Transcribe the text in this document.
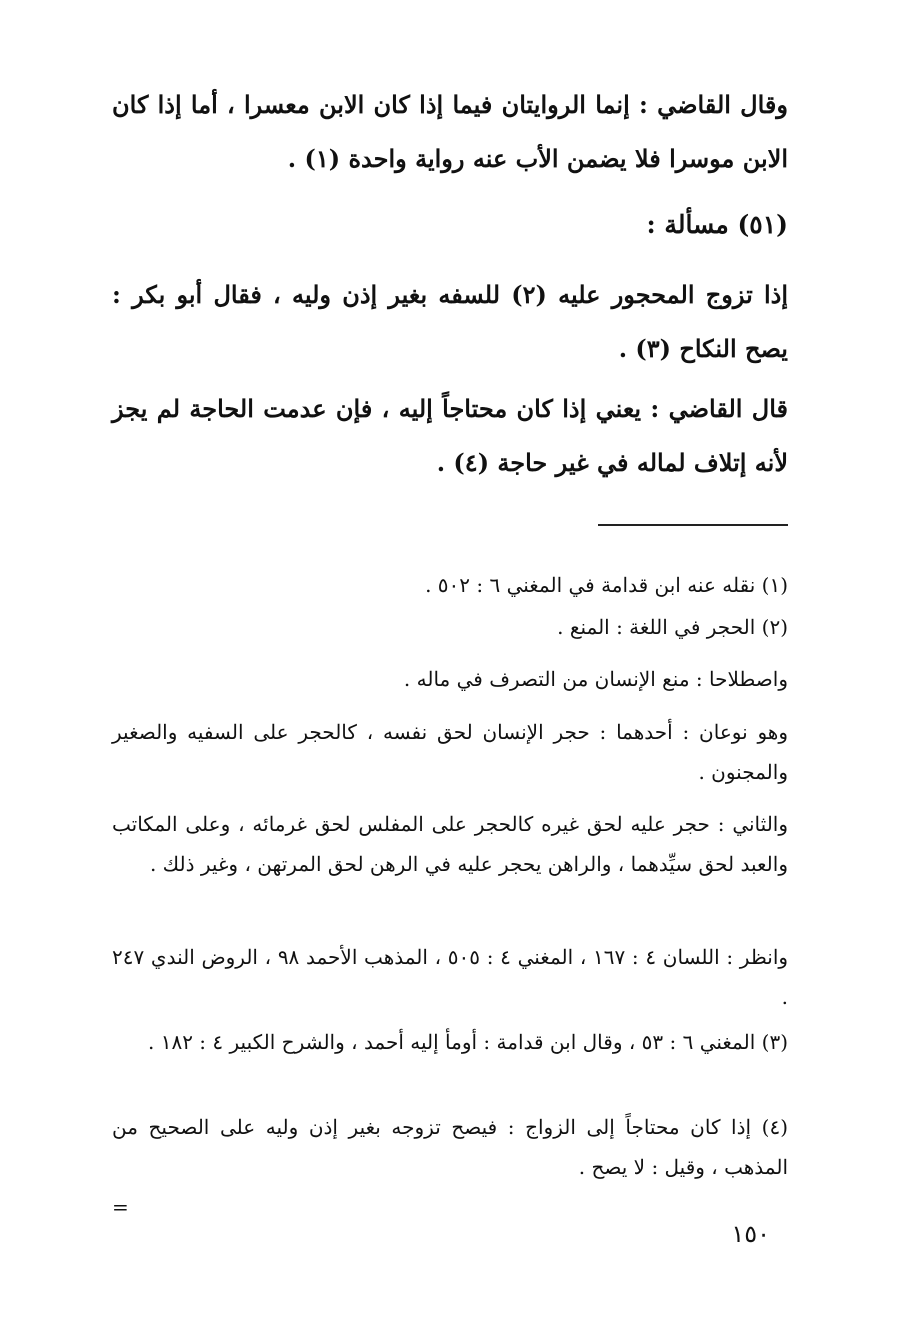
وقال القاضي : إنما الروايتان فيما إذا كان الابن معسرا ، أما إذا كان الابن موسرا فلا يضمن الأب عنه رواية واحدة (١) .

(٥١) مسألة :

إذا تزوج المحجور عليه (٢) للسفه بغير إذن وليه ، فقال أبو بكر : يصح النكاح (٣) .

قال القاضي : يعني إذا كان محتاجاً إليه ، فإن عدمت الحاجة لم يجز لأنه إتلاف لماله في غير حاجة (٤) .

(١) نقله عنه ابن قدامة في المغني ٦ : ٥٠٢ .

(٢) الحجر في اللغة : المنع .

واصطلاحا : منع الإنسان من التصرف في ماله .

وهو نوعان : أحدهما : حجر الإنسان لحق نفسه ، كالحجر على السفيه والصغير والمجنون .

والثاني : حجر عليه لحق غيره كالحجر على المفلس لحق غرمائه ، وعلى المكاتب والعبد لحق سيِّدهما ، والراهن يحجر عليه في الرهن لحق المرتهن ، وغير ذلك .

وانظر : اللسان ٤ : ١٦٧ ، المغني ٤ : ٥٠٥ ، المذهب الأحمد ٩٨ ، الروض الندي ٢٤٧ .

(٣) المغني ٦ : ٥٣ ، وقال ابن قدامة : أومأ إليه أحمد ، والشرح الكبير ٤ : ١٨٢ .

(٤) إذا كان محتاجاً إلى الزواج : فيصح تزوجه بغير إذن وليه على الصحيح من المذهب ، وقيل : لا يصح .
=
١٥٠
